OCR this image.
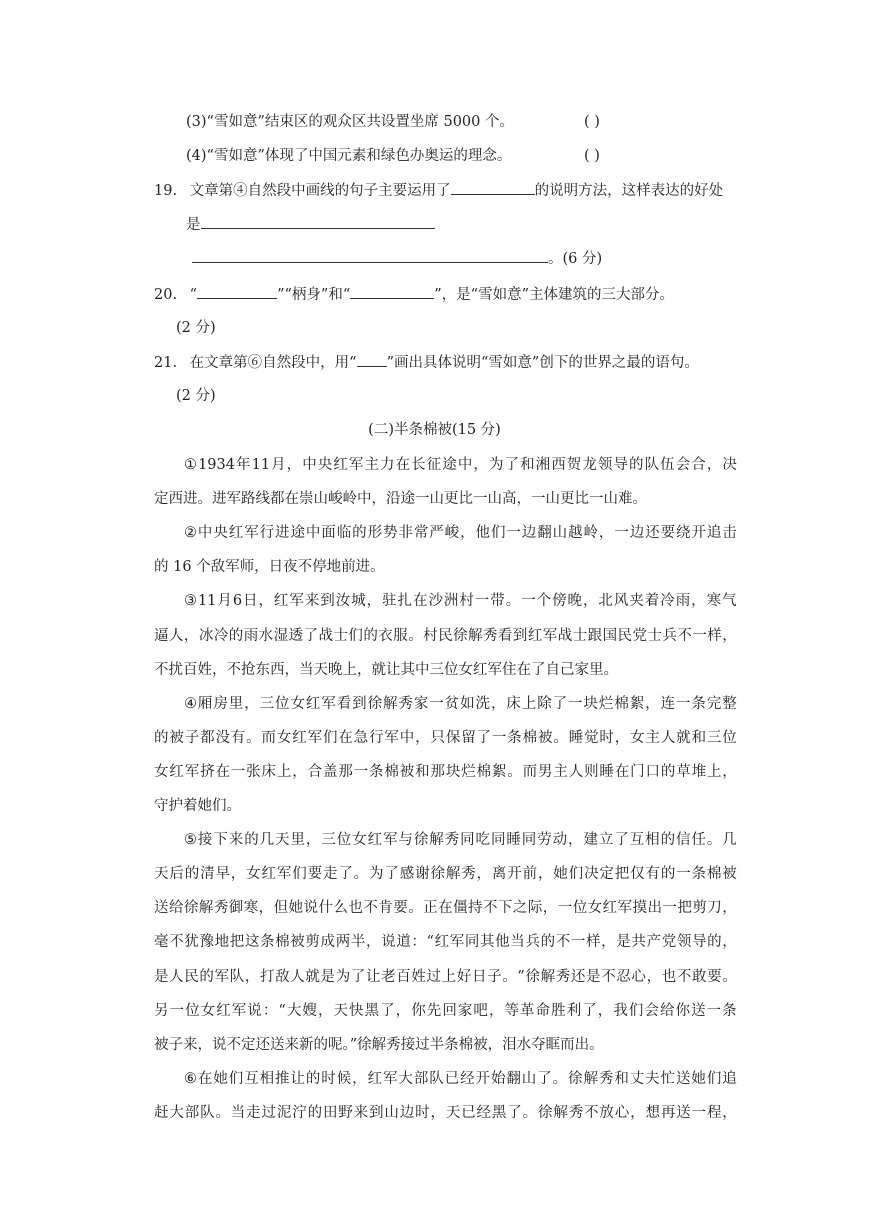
(3)“雪如意”结束区的观众区共设置坐席 5000 个。	( )
(4)“雪如意”体现了中国元素和绿色办奥运的理念。	( )
19. 文章第④自然段中画线的句子主要运用了	的说明方法，这样表达的好处
是
。(6 分)
20. “	”“柄身”和“	”，是“雪如意”主体建筑的三大部分。
(2 分)
21. 在文章第⑥自然段中，用“ ”画出具体说明“雪如意”创下的世界之最的语句。
(2 分)
(二)半条棉被(15 分)
① 1934 年 11 月 ， 中 央 红 军 主 力 在 长 征 途 中 ， 为 了 和 湘 西 贺 龙 领 导 的 队 伍 会 合 ， 决
定西进。进军路线都在崇山峻岭中，沿途一山更比一山高，一山更比一山难。
② 中 央 红 军 行 进 途 中 面 临 的 形 势 非 常 严 峻 ， 他 们 一 边 翻 山 越 岭 ， 一 边 还 要 绕 开 追 击
的 16 个敌军师，日夜不停地前进。
③ 11 月 6 日 ， 红 军 来 到 汝 城 ， 驻 扎 在 沙 洲 村 一 带 。 一 个 傍 晚 ， 北 风 夹 着 冷 雨 ， 寒 气
逼 人 ， 冰 冷 的 雨 水 湿 透 了 战 士 们 的 衣 服 。 村 民 徐 解 秀 看 到 红 军 战 士 跟 国 民 党 士 兵 不 一 样 ，
不扰百姓，不抢东西，当天晚上，就让其中三位女红军住在了自己家里。
④ 厢 房 里 ， 三 位 女 红 军 看 到 徐 解 秀 家 一 贫 如 洗 ， 床 上 除 了 一 块 烂 棉 絮 ， 连 一 条 完 整
的 被 子 都 没 有 。 而 女 红 军 们 在 急 行 军 中 ， 只 保 留 了 一 条 棉 被 。 睡 觉 时 ， 女 主 人 就 和 三 位
女 红 军 挤 在 一 张 床 上 ， 合 盖 那 一 条 棉 被 和 那 块 烂 棉 絮 。 而 男 主 人 则 睡 在 门 口 的 草 堆 上 ，
守护着她们。
⑤ 接 下 来 的 几 天 里 ， 三 位 女 红 军 与 徐 解 秀 同 吃 同 睡 同 劳 动 ， 建 立 了 互 相 的 信 任 。 几
天 后 的 清 早 ， 女 红 军 们 要 走 了 。 为 了 感 谢 徐 解 秀 ， 离 开 前 ， 她 们 决 定 把 仅 有 的 一 条 棉 被
送 给 徐 解 秀 御 寒 ， 但 她 说 什 么 也 不 肯 要 。 正 在 僵 持 不 下 之 际 ， 一 位 女 红 军 摸 出 一 把 剪 刀 ，
毫 不 犹 豫 地 把 这 条 棉 被 剪 成 两 半 ， 说 道 ： “ 红 军 同 其 他 当 兵 的 不 一 样 ， 是 共 产 党 领 导 的 ，
是 人 民 的 军 队 ， 打 敌 人 就 是 为 了 让 老 百 姓 过 上 好 日 子 。 ” 徐 解 秀 还 是 不 忍 心 ， 也 不 敢 要 。
另 一 位 女 红 军 说 ： “ 大 嫂 ， 天 快 黑 了 ， 你 先 回 家 吧 ， 等 革 命 胜 利 了 ， 我 们 会 给 你 送 一 条
被子来，说不定还送来新的呢。”徐解秀接过半条棉被，泪水夺眶而出。
⑥ 在 她 们 互 相 推 让 的 时 候 ， 红 军 大 部 队 已 经 开 始 翻 山 了 。 徐 解 秀 和 丈 夫 忙 送 她 们 追
赶 大 部 队 。 当 走 过 泥 泞 的 田 野 来 到 山 边 时 ， 天 已 经 黑 了 。 徐 解 秀 不 放 心 ， 想 再 送 一 程 ，
